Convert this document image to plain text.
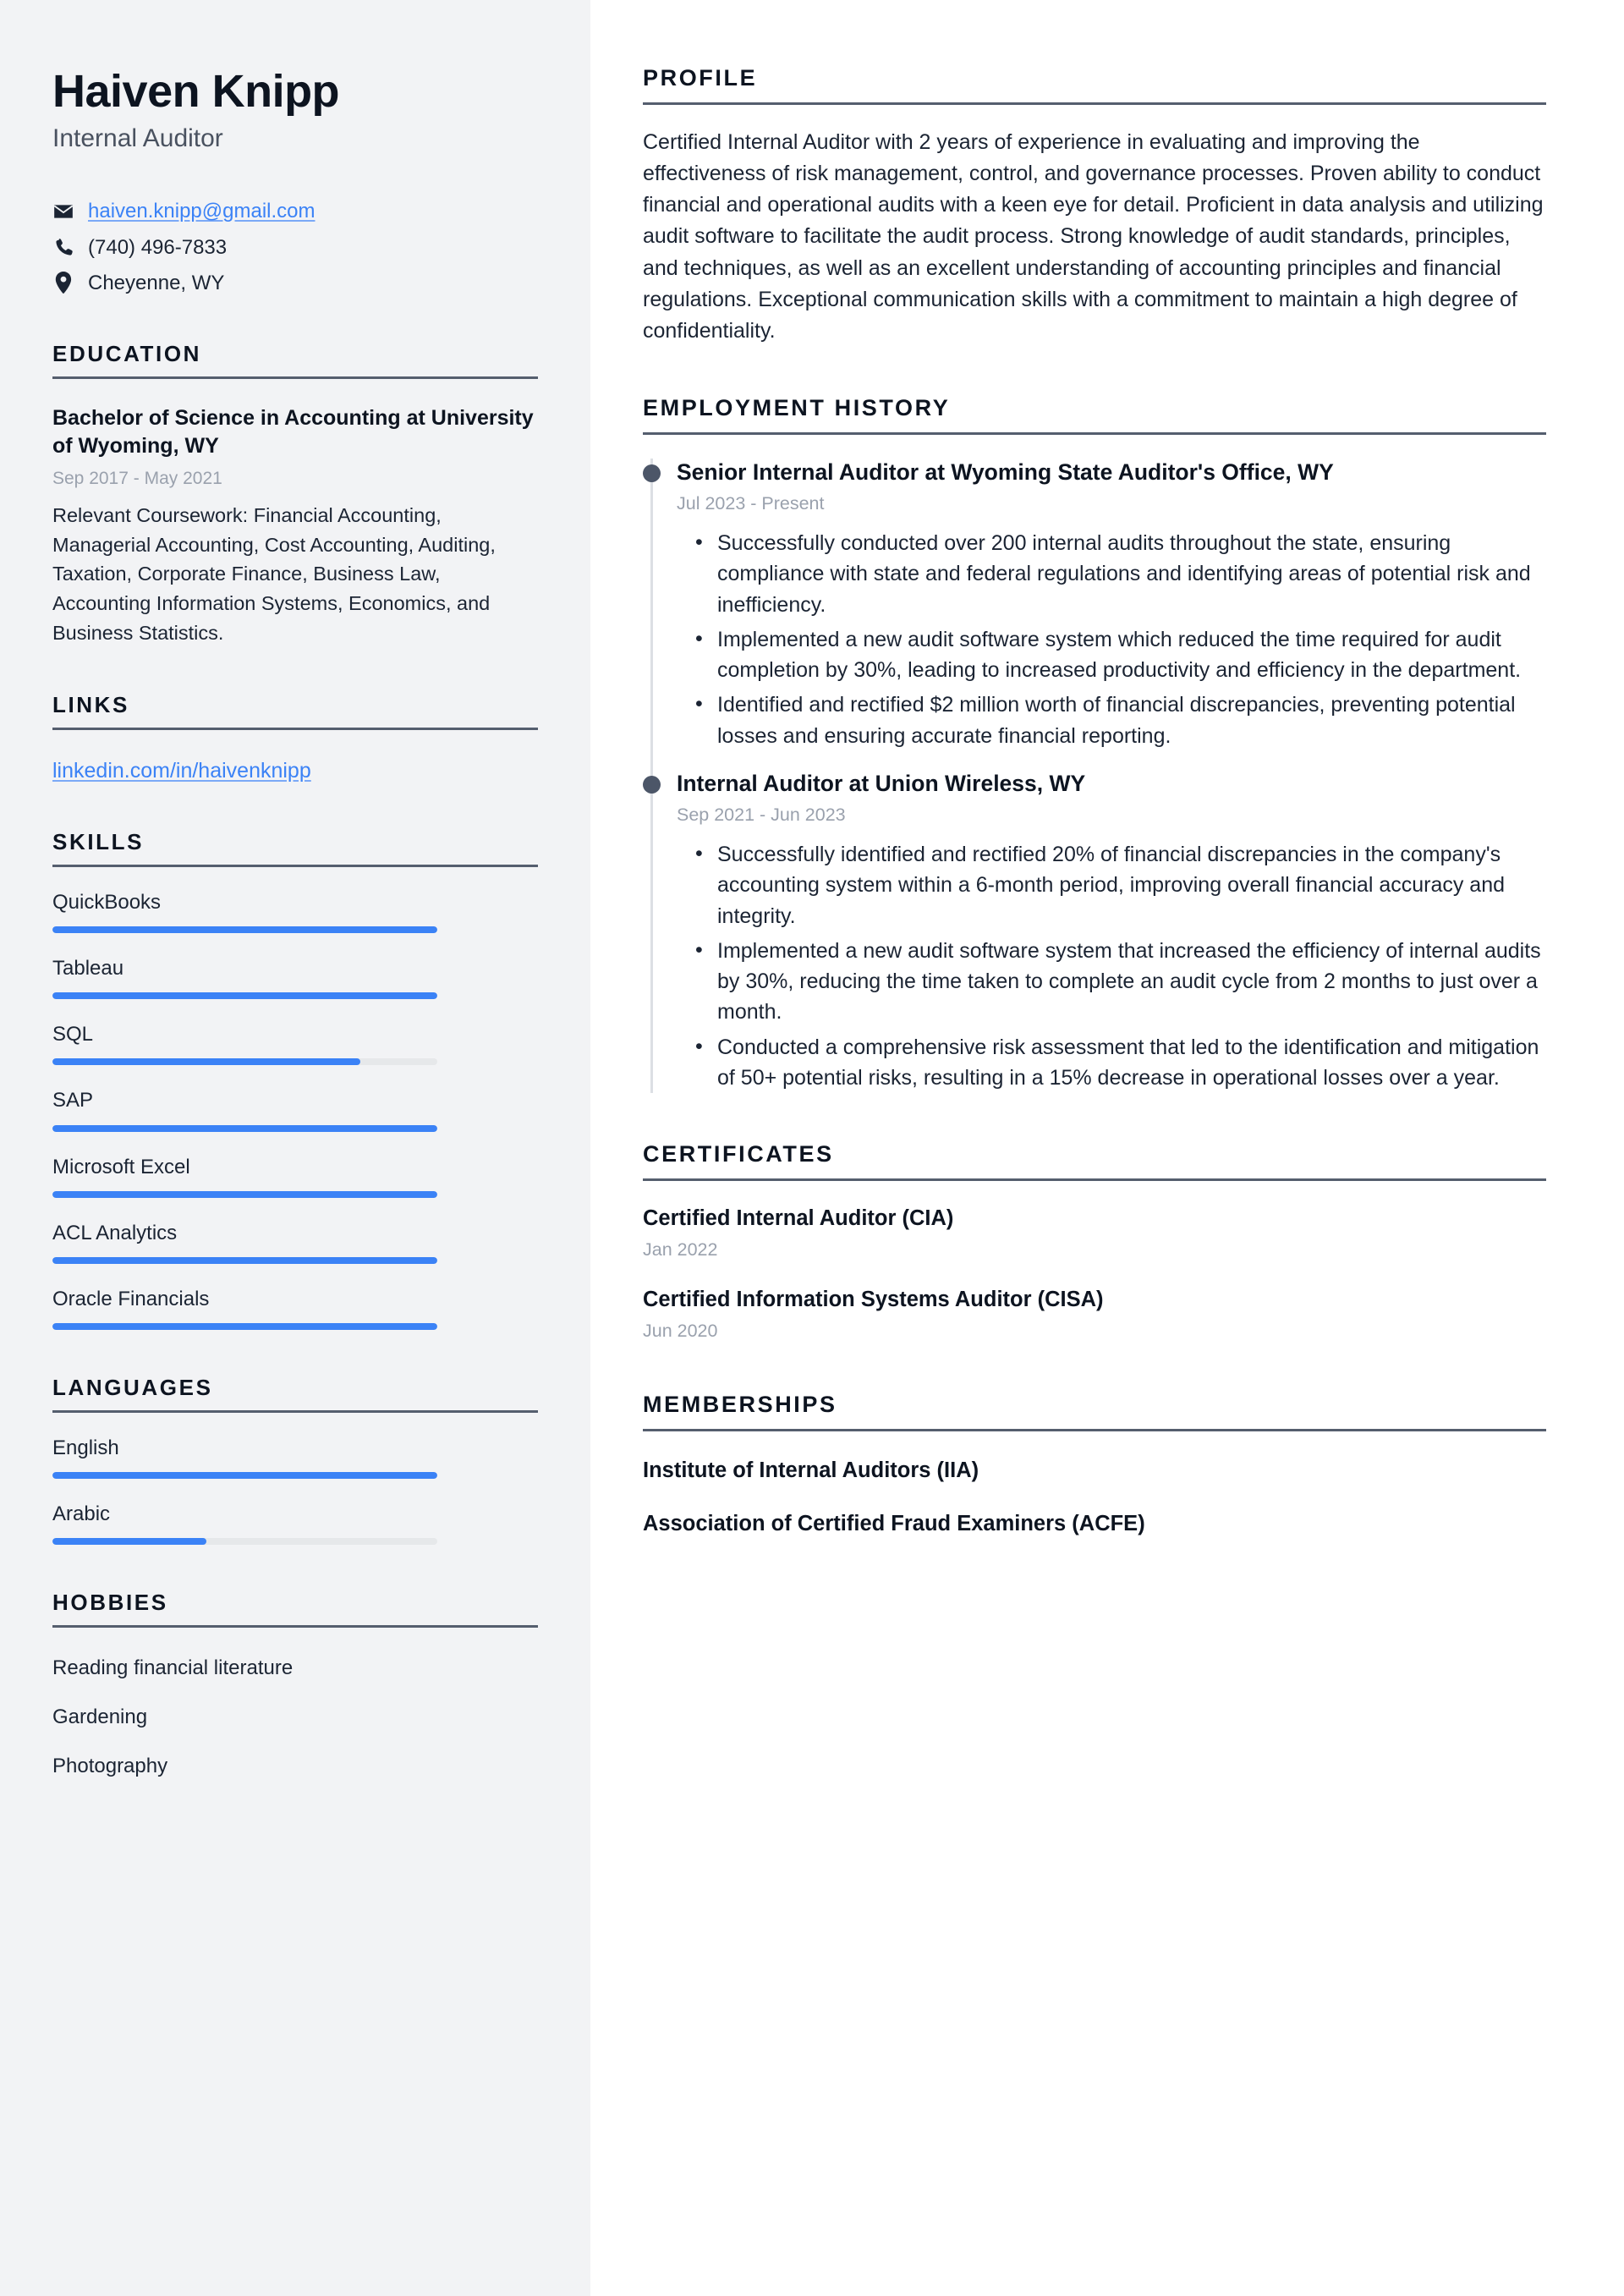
Haiven Knipp
Internal Auditor
haiven.knipp@gmail.com
(740) 496-7833
Cheyenne, WY
EDUCATION
Bachelor of Science in Accounting at University of Wyoming, WY
Sep 2017 - May 2021
Relevant Coursework: Financial Accounting, Managerial Accounting, Cost Accounting, Auditing, Taxation, Corporate Finance, Business Law, Accounting Information Systems, Economics, and Business Statistics.
LINKS
linkedin.com/in/haivenknipp
SKILLS
QuickBooks
Tableau
SQL
SAP
Microsoft Excel
ACL Analytics
Oracle Financials
LANGUAGES
English
Arabic
HOBBIES
Reading financial literature
Gardening
Photography
PROFILE

Certified Internal Auditor with 2 years of experience in evaluating and improving the effectiveness of risk management, control, and governance processes. Proven ability to conduct financial and operational audits with a keen eye for detail. Proficient in data analysis and utilizing audit software to facilitate the audit process. Strong knowledge of audit standards, principles, and techniques, as well as an excellent understanding of accounting principles and financial regulations. Exceptional communication skills with a commitment to maintain a high degree of confidentiality.

EMPLOYMENT HISTORY
Senior Internal Auditor at Wyoming State Auditor's Office, WY
Jul 2023 - Present
• Successfully conducted over 200 internal audits throughout the state, ensuring compliance with state and federal regulations and identifying areas of potential risk and inefficiency.
• Implemented a new audit software system which reduced the time required for audit completion by 30%, leading to increased productivity and efficiency in the department.
• Identified and rectified $2 million worth of financial discrepancies, preventing potential losses and ensuring accurate financial reporting.
Internal Auditor at Union Wireless, WY
Sep 2021 - Jun 2023
• Successfully identified and rectified 20% of financial discrepancies in the company's accounting system within a 6-month period, improving overall financial accuracy and integrity.
• Implemented a new audit software system that increased the efficiency of internal audits by 30%, reducing the time taken to complete an audit cycle from 2 months to just over a month.
• Conducted a comprehensive risk assessment that led to the identification and mitigation of 50+ potential risks, resulting in a 15% decrease in operational losses over a year.
CERTIFICATES
Certified Internal Auditor (CIA)
Jan 2022
Certified Information Systems Auditor (CISA)
Jun 2020
MEMBERSHIPS
Institute of Internal Auditors (IIA)
Association of Certified Fraud Examiners (ACFE)
